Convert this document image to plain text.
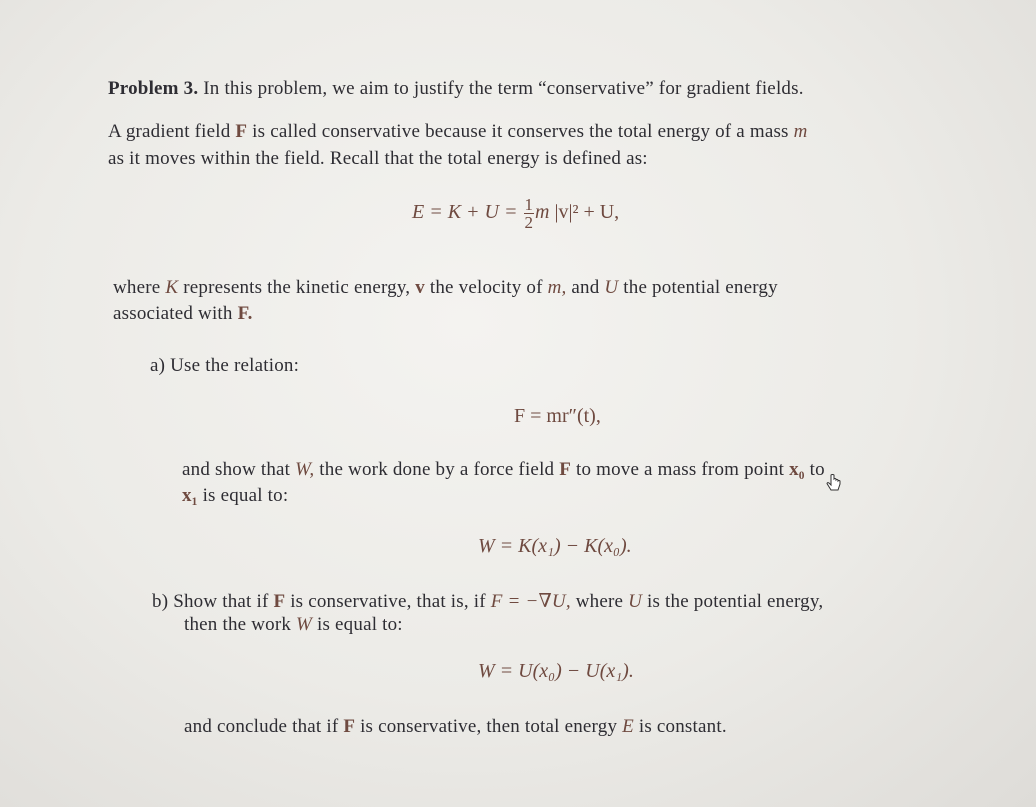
Problem 3. In this problem, we aim to justify the term “conservative” for gradient fields.
A gradient field F is called conservative because it conserves the total energy of a mass m
as it moves within the field. Recall that the total energy is defined as:
$E = K + U = \frac{1}{2}$ m |v|² + U,
where K represents the kinetic energy, v the velocity of m, and U the potential energy
associated with F.
a) Use the relation:
F = mr″(t),
and show that W, the work done by a force field F to move a mass from point x₀ to
x₁ is equal to:
W = K(x₁) − K(x₀).
b) Show that if F is conservative, that is, if F = −∇U, where U is the potential energy,
then the work W is equal to:
W = U(x₀) − U(x₁).
and conclude that if F is conservative, then total energy E is constant.
